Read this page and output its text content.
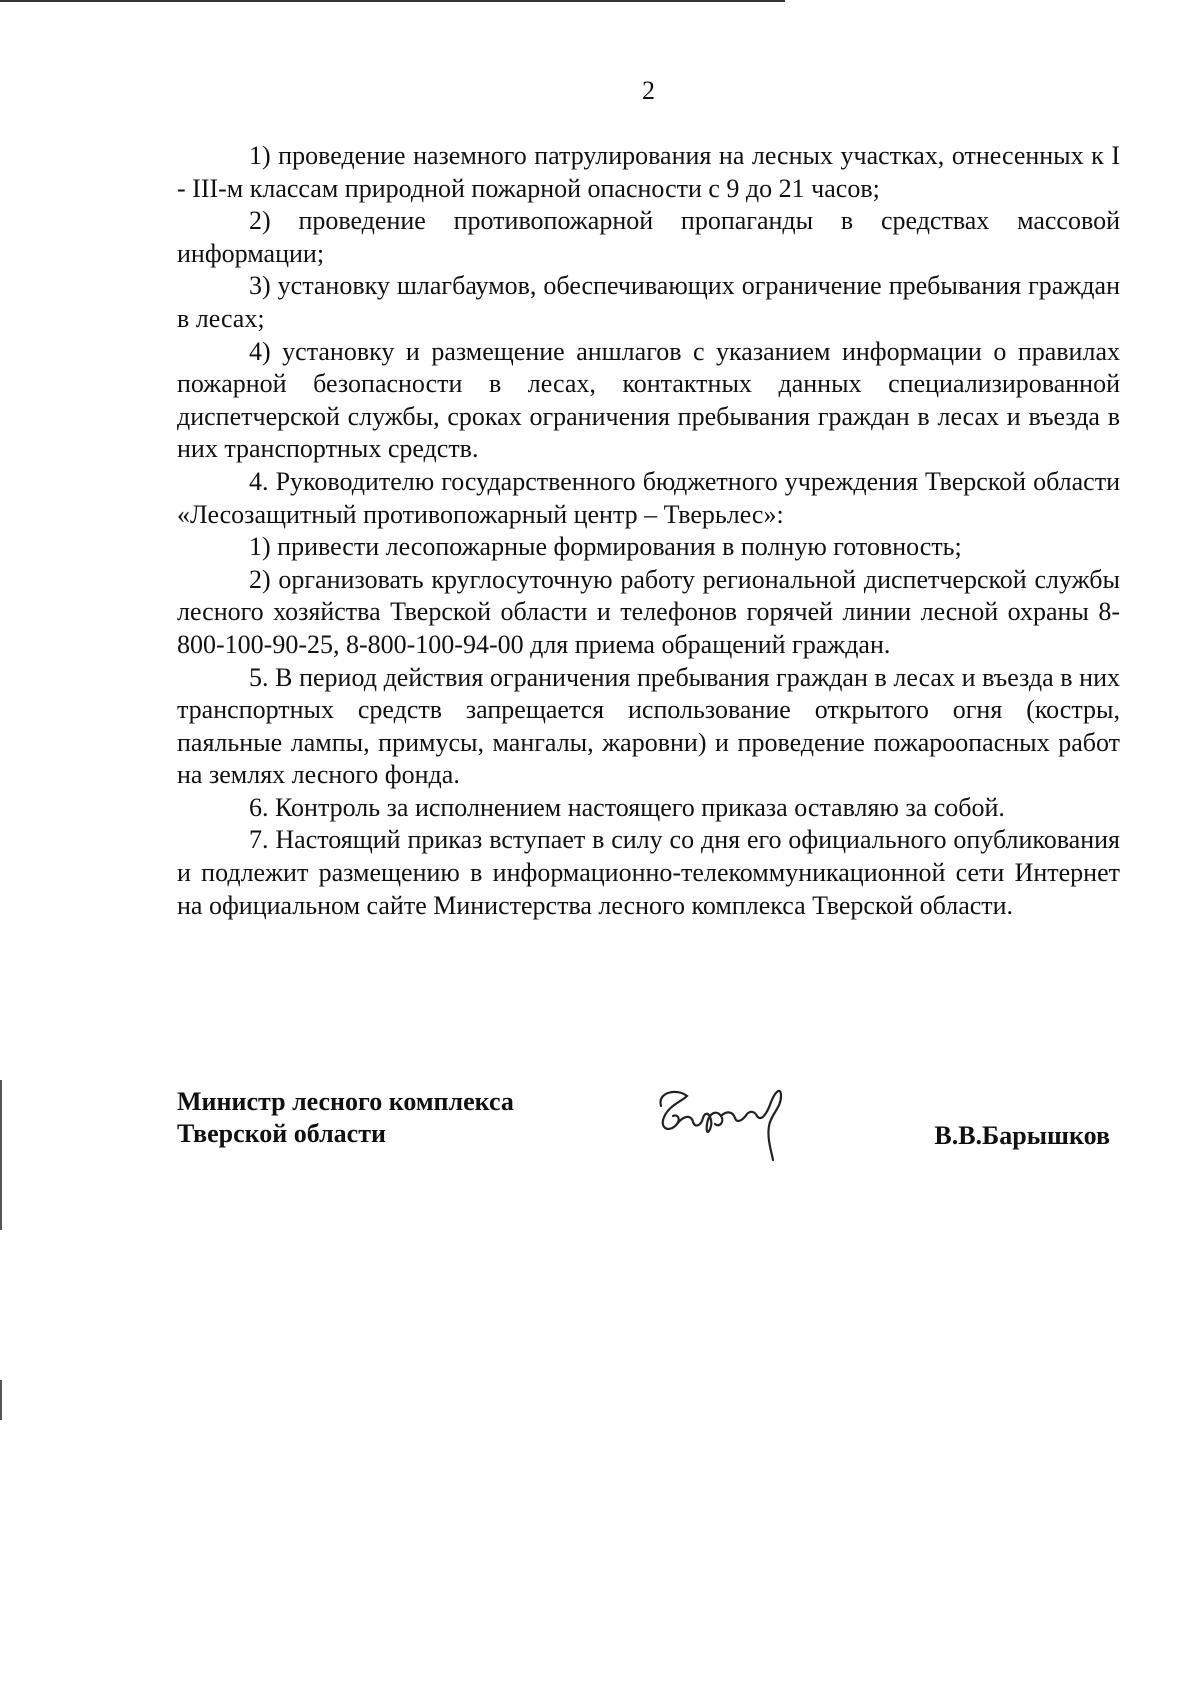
2

1) проведение наземного патрулирования на лесных участках, отнесенных к I - III-м классам природной пожарной опасности с 9 до 21 часов;

2) проведение противопожарной пропаганды в средствах массовой информации;

3) установку шлагбаумов, обеспечивающих ограничение пребывания граждан в лесах;

4) установку и размещение аншлагов с указанием информации о правилах пожарной безопасности в лесах, контактных данных специализированной диспетчерской службы, сроках ограничения пребывания граждан в лесах и въезда в них транспортных средств.

4. Руководителю государственного бюджетного учреждения Тверской области «Лесозащитный противопожарный центр – Тверьлес»:

1) привести лесопожарные формирования в полную готовность;

2) организовать круглосуточную работу региональной диспетчерской службы лесного хозяйства Тверской области и телефонов горячей линии лесной охраны 8-800-100-90-25, 8-800-100-94-00 для приема обращений граждан.

5. В период действия ограничения пребывания граждан в лесах и въезда в них транспортных средств запрещается использование открытого огня (костры, паяльные лампы, примусы, мангалы, жаровни) и проведение пожароопасных работ на землях лесного фонда.

6. Контроль за исполнением настоящего приказа оставляю за собой.

7. Настоящий приказ вступает в силу со дня его официального опубликования и подлежит размещению в информационно-телекоммуникационной сети Интернет на официальном сайте Министерства лесного комплекса Тверской области.

Министр лесного комплекса
Тверской области	В.В.Барышков
